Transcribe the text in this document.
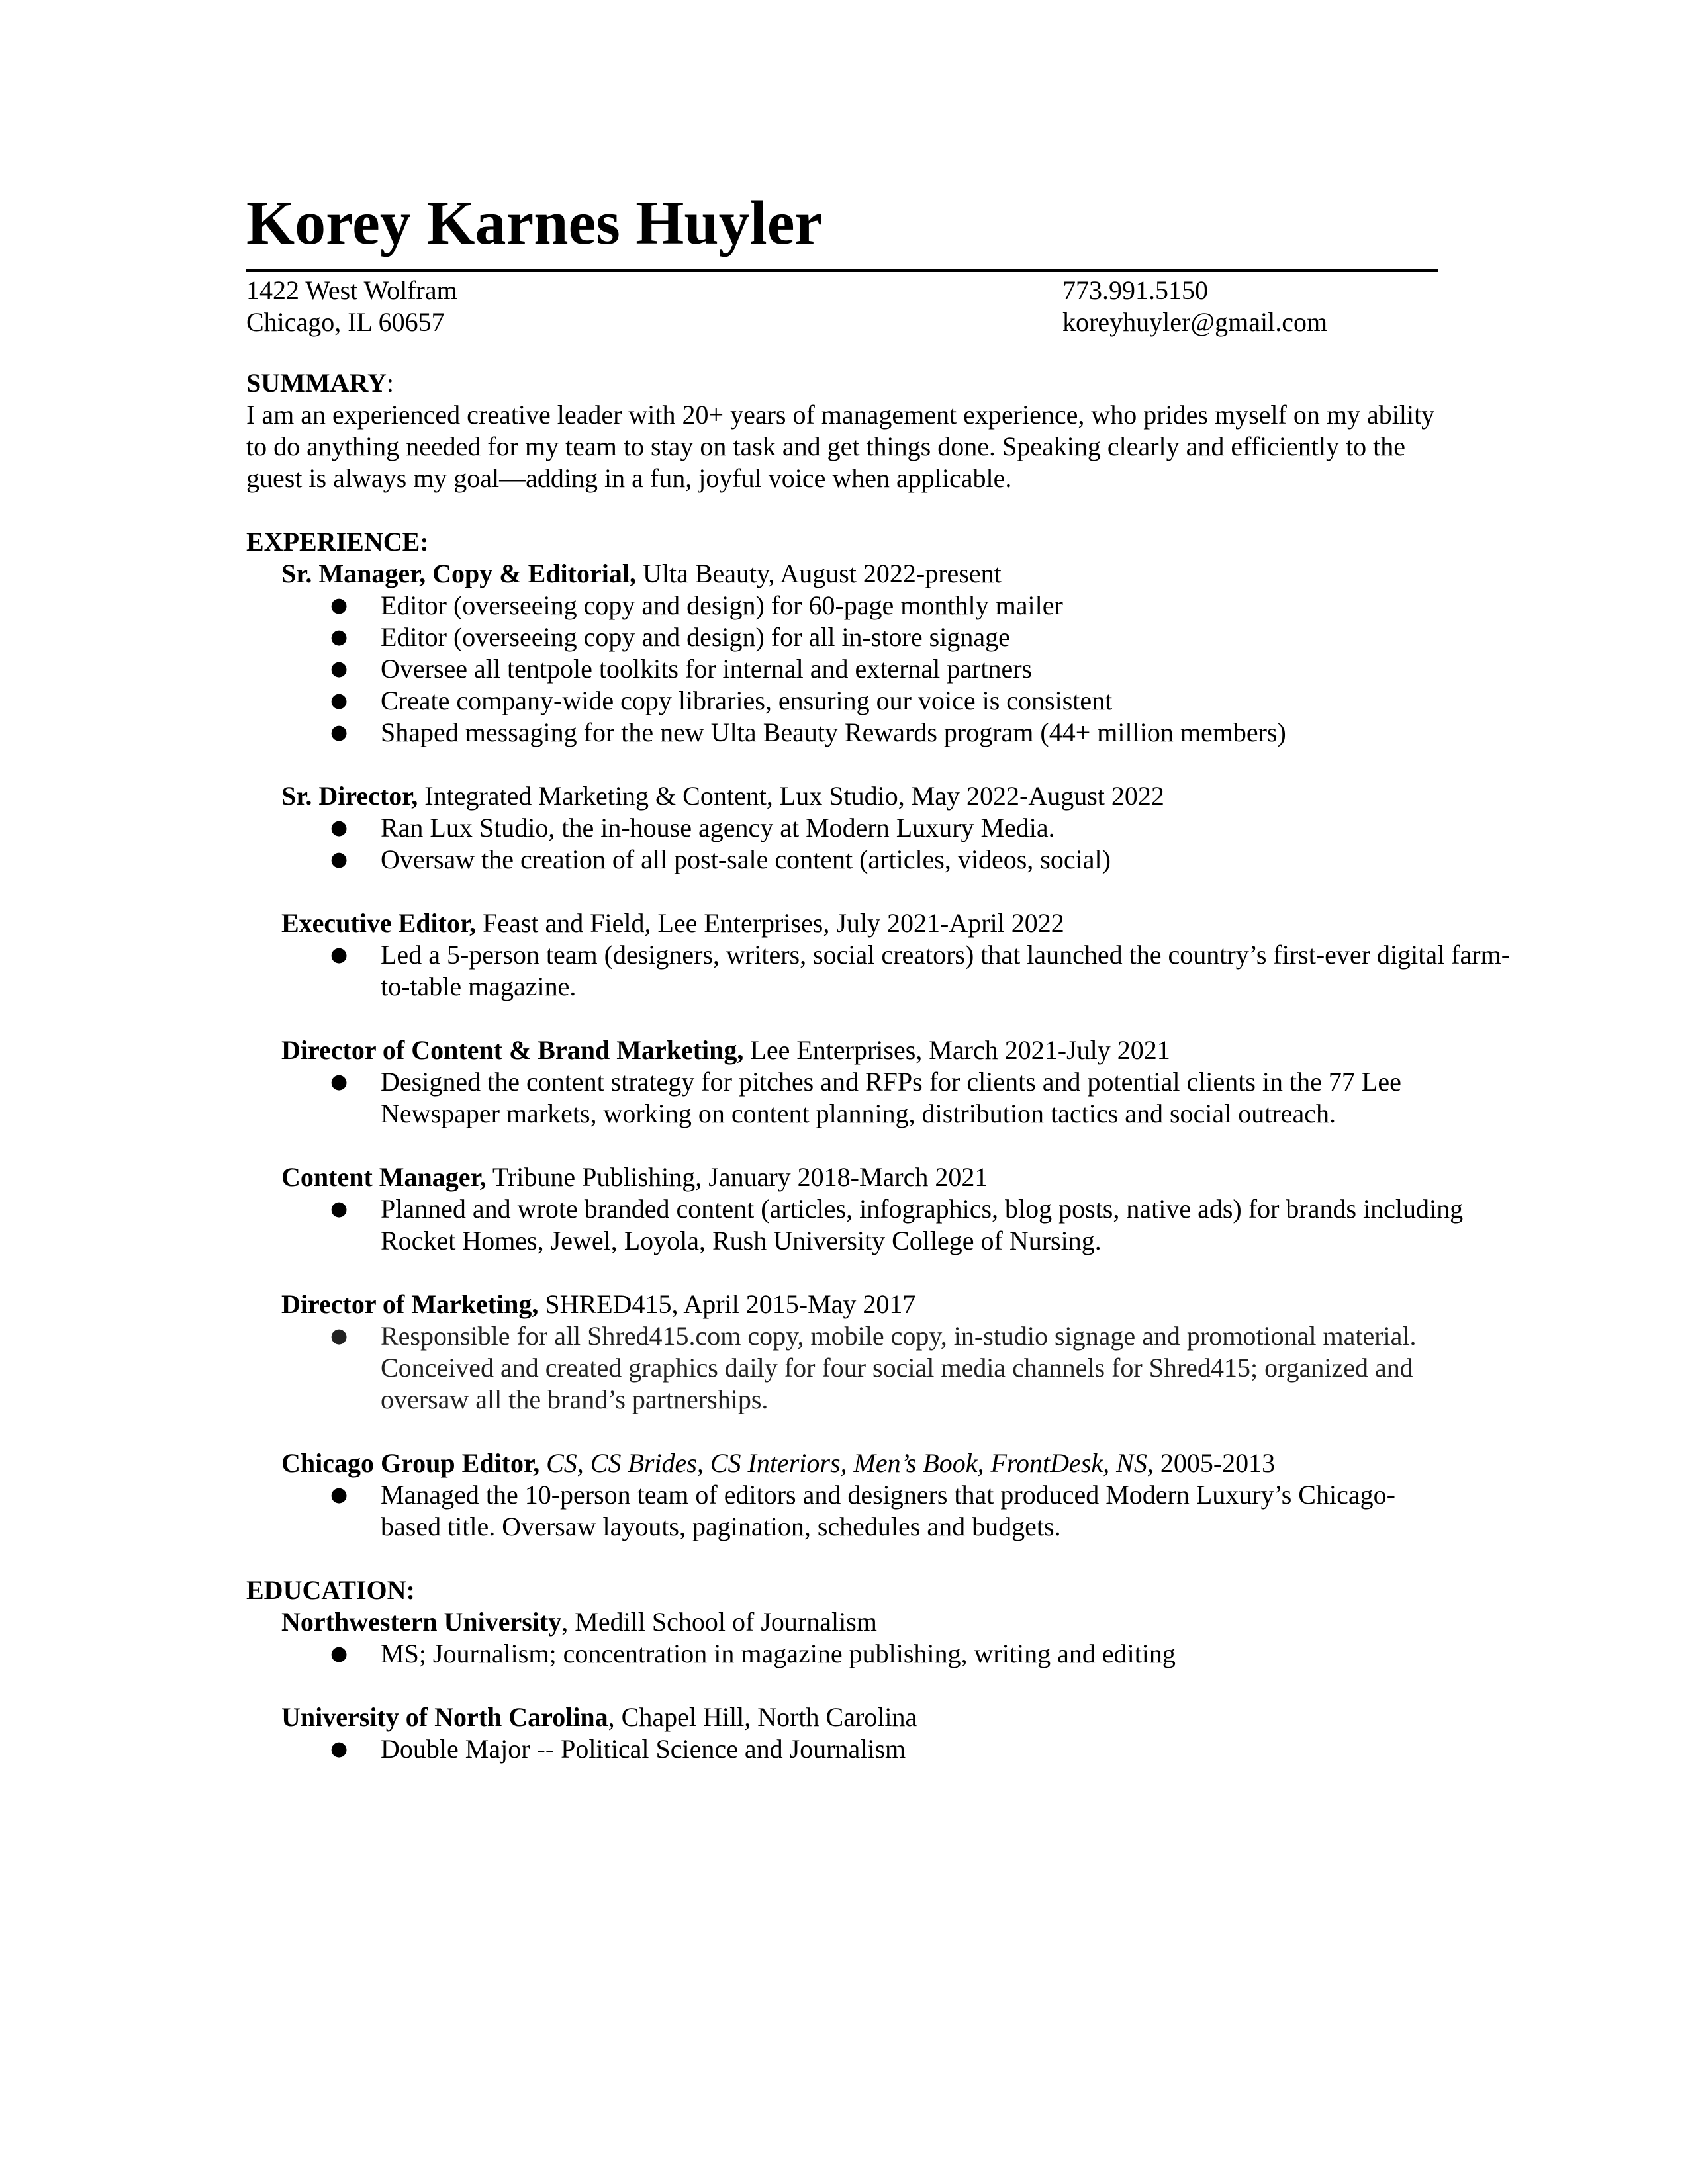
Korey Karnes Huyler
1422 West Wolfram
Chicago, IL 60657
773.991.5150
koreyhuyler@gmail.com

SUMMARY:

I am an experienced creative leader with 20+ years of management experience, who prides myself on my ability to do anything needed for my team to stay on task and get things done. Speaking clearly and efficiently to the guest is always my goal—adding in a fun, joyful voice when applicable.

EXPERIENCE:

Sr. Manager, Copy & Editorial, Ulta Beauty, August 2022-present

● Editor (overseeing copy and design) for 60-page monthly mailer
● Editor (overseeing copy and design) for all in-store signage
● Oversee all tentpole toolkits for internal and external partners
● Create company-wide copy libraries, ensuring our voice is consistent
● Shaped messaging for the new Ulta Beauty Rewards program (44+ million members)

Sr. Director, Integrated Marketing & Content, Lux Studio, May 2022-August 2022

● Ran Lux Studio, the in-house agency at Modern Luxury Media.
● Oversaw the creation of all post-sale content (articles, videos, social)

Executive Editor, Feast and Field, Lee Enterprises, July 2021-April 2022

● Led a 5-person team (designers, writers, social creators) that launched the country’s first-ever digital farm-to-table magazine.

Director of Content & Brand Marketing, Lee Enterprises, March 2021-July 2021

● Designed the content strategy for pitches and RFPs for clients and potential clients in the 77 Lee Newspaper markets, working on content planning, distribution tactics and social outreach.

Content Manager, Tribune Publishing, January 2018-March 2021

● Planned and wrote branded content (articles, infographics, blog posts, native ads) for brands including Rocket Homes, Jewel, Loyola, Rush University College of Nursing.

Director of Marketing, SHRED415, April 2015-May 2017

● Responsible for all Shred415.com copy, mobile copy, in-studio signage and promotional material. Conceived and created graphics daily for four social media channels for Shred415; organized and oversaw all the brand’s partnerships.

Chicago Group Editor, CS, CS Brides, CS Interiors, Men’s Book, FrontDesk, NS, 2005-2013

● Managed the 10-person team of editors and designers that produced Modern Luxury’s Chicago-based title. Oversaw layouts, pagination, schedules and budgets.

EDUCATION:

Northwestern University, Medill School of Journalism

● MS; Journalism; concentration in magazine publishing, writing and editing

University of North Carolina, Chapel Hill, North Carolina

● Double Major -- Political Science and Journalism
